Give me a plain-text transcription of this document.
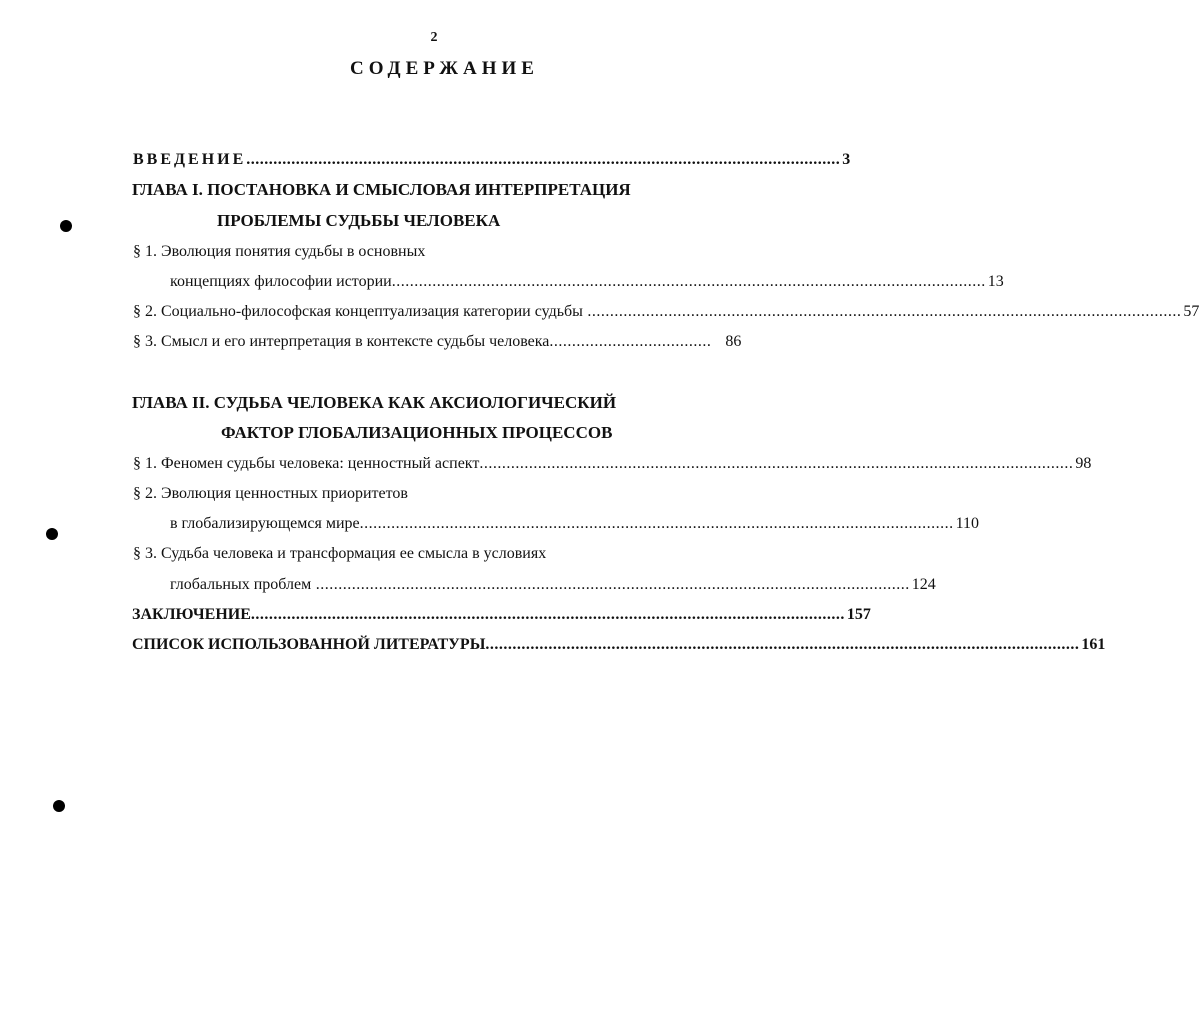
2
СОДЕРЖАНИЕ
ВВЕДЕНИЕ .................................................................................................................................... 3
ГЛАВА I. ПОСТАНОВКА И СМЫСЛОВАЯ ИНТЕРПРЕТАЦИЯ
ПРОБЛЕМЫ СУДЬБЫ ЧЕЛОВЕКА
§ 1. Эволюция понятия судьбы в основных
концепциях философии истории .................................................................................................................................... 13
§ 2. Социально-философская концептуализация категории судьбы .................................................................................................................................... 57
§ 3. Смысл и его интерпретация в контексте судьбы человека .................................... 86
ГЛАВА II. СУДЬБА ЧЕЛОВЕКА КАК АКСИОЛОГИЧЕСКИЙ
ФАКТОР ГЛОБАЛИЗАЦИОННЫХ ПРОЦЕССОВ
§ 1. Феномен судьбы человека: ценностный аспект .................................................................................................................................... 98
§ 2. Эволюция ценностных приоритетов
в глобализирующемся мире .................................................................................................................................... 110
§ 3. Судьба человека и трансформация ее смысла в условиях
глобальных проблем .................................................................................................................................... 124
ЗАКЛЮЧЕНИЕ .................................................................................................................................... 157
СПИСОК ИСПОЛЬЗОВАННОЙ ЛИТЕРАТУРЫ .................................................................................................................................... 161
